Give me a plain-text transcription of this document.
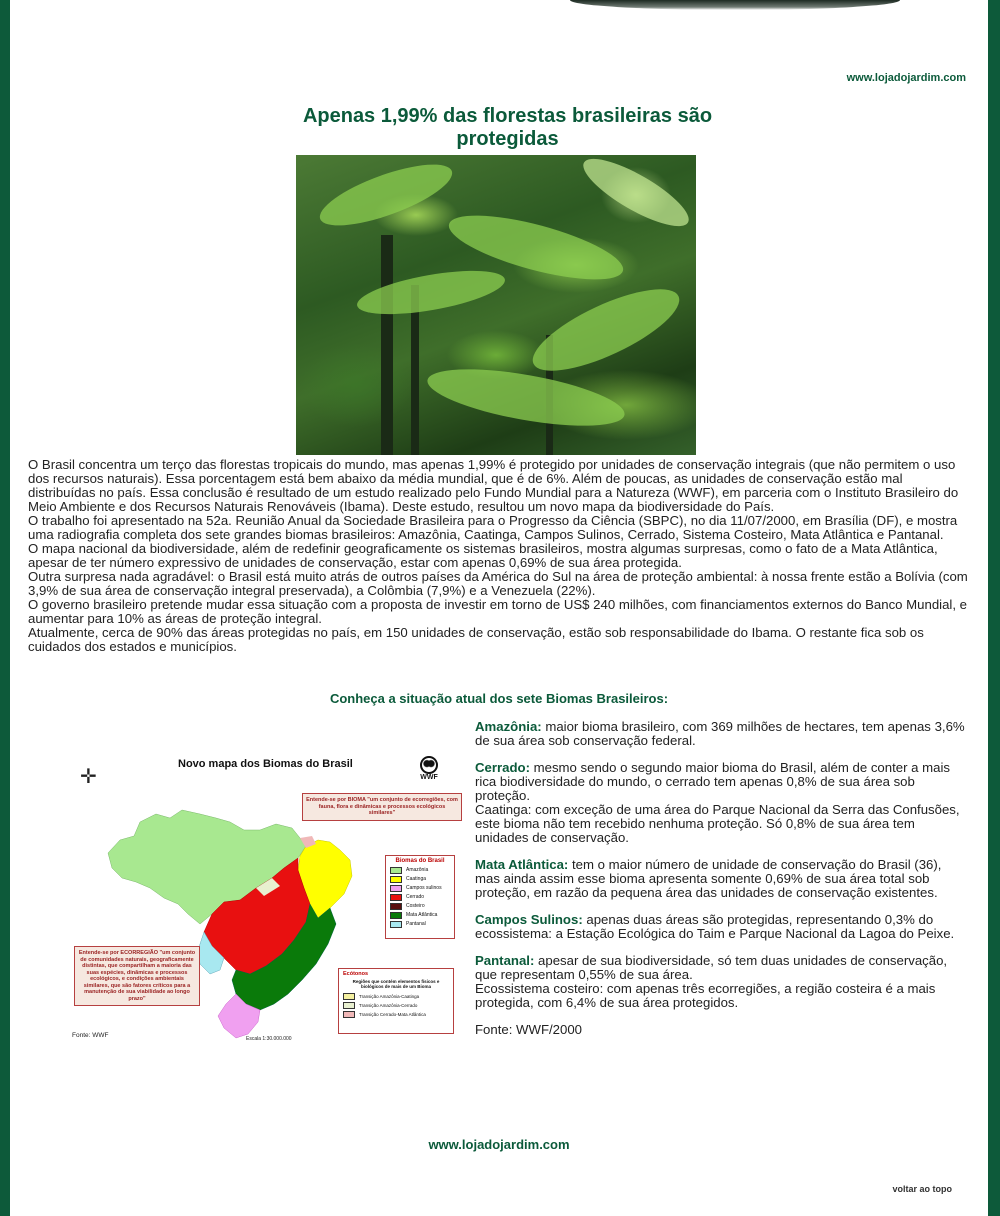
www.lojadojardim.com
Apenas 1,99% das florestas brasileiras são protegidas

O Brasil concentra um terço das florestas tropicais do mundo, mas apenas 1,99% é protegido por unidades de conservação integrais (que não permitem o uso dos recursos naturais). Essa porcentagem está bem abaixo da média mundial, que é de 6%. Além de poucas, as unidades de conservação estão mal distribuídas no país. Essa conclusão é resultado de um estudo realizado pelo Fundo Mundial para a Natureza (WWF), em parceria com o Instituto Brasileiro do Meio Ambiente e dos Recursos Naturais Renováveis (Ibama). Deste estudo, resultou um novo mapa da biodiversidade do País.

O trabalho foi apresentado na 52a. Reunião Anual da Sociedade Brasileira para o Progresso da Ciência (SBPC), no dia 11/07/2000, em Brasília (DF), e mostra uma radiografia completa dos sete grandes biomas brasileiros: Amazônia, Caatinga, Campos Sulinos, Cerrado, Sistema Costeiro, Mata Atlântica e Pantanal.

O mapa nacional da biodiversidade, além de redefinir geograficamente os sistemas brasileiros, mostra algumas surpresas, como o fato de a Mata Atlântica, apesar de ter número expressivo de unidades de conservação, estar com apenas 0,69% de sua área protegida.

Outra surpresa nada agradável: o Brasil está muito atrás de outros países da América do Sul na área de proteção ambiental: à nossa frente estão a Bolívia (com 3,9% de sua área de conservação integral preservada), a Colômbia (7,9%) e a Venezuela (22%).

O governo brasileiro pretende mudar essa situação com a proposta de investir em torno de US$ 240 milhões, com financiamentos externos do Banco Mundial, e aumentar para 10% as áreas de proteção integral.

Atualmente, cerca de 90% das áreas protegidas no país, em 150 unidades de conservação, estão sob responsabilidade do Ibama. O restante fica sob os cuidados dos estados e municípios.

Conheça a situação atual dos sete Biomas Brasileiros:
✛
Novo mapa dos Biomas do Brasil
WWF
Entende-se por BIOMA "um conjunto de ecorregiões, com fauna, flora e dinâmicas e processos ecológicos similares"
Biomas do Brasil
Amazônia
Caatinga
Campos sulinos
Cerrado
Costeiro
Mata Atlântica
Pantanal
Entende-se por ECORREGIÃO "um conjunto de comunidades naturais, geograficamente distintas, que compartilham a maioria das suas espécies, dinâmicas e processos ecológicos, e condições ambientais similares, que são fatores críticos para a manutenção de sua viabilidade ao longo prazo"
Ecótonos
Regiões que contém elementos físicos e biológicos de mais de um Bioma
Transição Amazônia-Caatinga
Transição Amazônia-Cerrado
Transição Cerrado-Mata Atlântica
Fonte: WWF	Escala 1:30.000.000
Amazônia: maior bioma brasileiro, com 369 milhões de hectares, tem apenas 3,6% de sua área sob conservação federal.
Cerrado: mesmo sendo o segundo maior bioma do Brasil, além de conter a mais rica biodiversidade do mundo, o cerrado tem apenas 0,8% de sua área sob proteção.
Caatinga: com exceção de uma área do Parque Nacional da Serra das Confusões, este bioma não tem recebido nenhuma proteção. Só 0,8% de sua área tem unidades de conservação.
Mata Atlântica: tem o maior número de unidade de conservação do Brasil (36), mas ainda assim esse bioma apresenta somente 0,69% de sua área total sob proteção, em razão da pequena área das unidades de conservação existentes.
Campos Sulinos: apenas duas áreas são protegidas, representando 0,3% do ecossistema: a Estação Ecológica do Taim e Parque Nacional da Lagoa do Peixe.
Pantanal: apesar de sua biodiversidade, só tem duas unidades de conservação, que representam 0,55% de sua área.
Ecossistema costeiro: com apenas três ecorregiões, a região costeira é a mais protegida, com 6,4% de sua área protegidos.
Fonte: WWF/2000
www.lojadojardim.com
voltar ao topo
